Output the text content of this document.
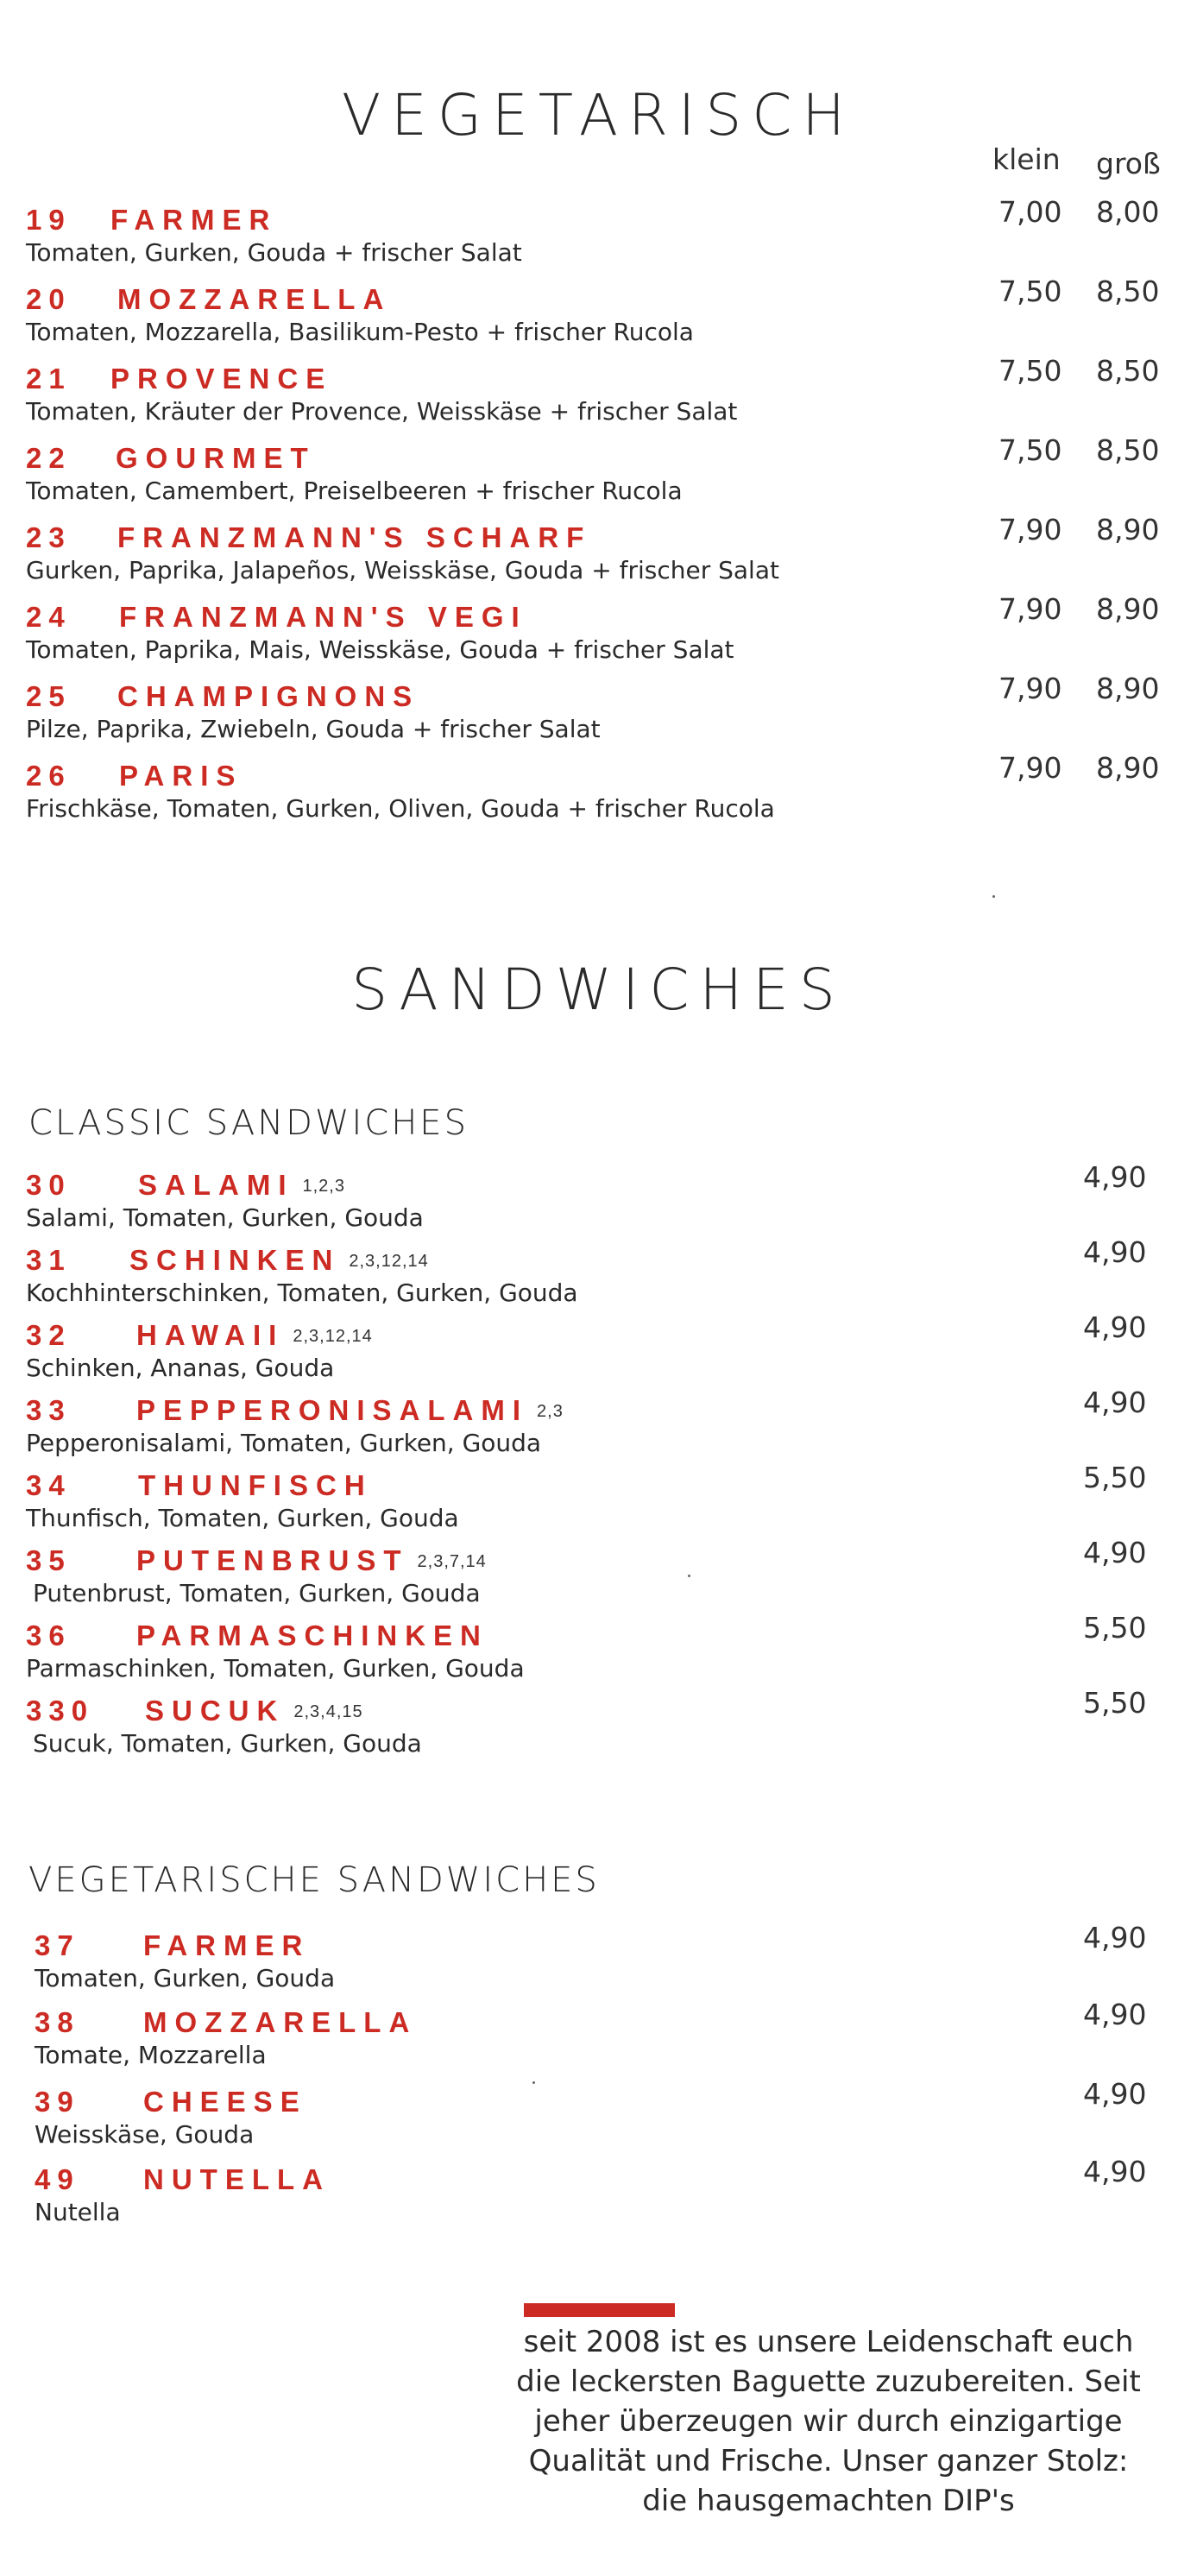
VEGETARISCH
klein groß
19 FARMER
Tomaten, Gurken, Gouda + frischer Salat
7,00 8,00
20 MOZZARELLA
Tomaten, Mozzarella, Basilikum-Pesto + frischer Rucola
7,50 8,50
21 PROVENCE
Tomaten, Kräuter der Provence, Weisskäse + frischer Salat
7,50 8,50
22 GOURMET
Tomaten, Camembert, Preiselbeeren + frischer Rucola
7,50 8,50
23 FRANZMANN'S SCHARF
Gurken, Paprika, Jalapeños, Weisskäse, Gouda + frischer Salat
7,90 8,90
24 FRANZMANN'S VEGI
Tomaten, Paprika, Mais, Weisskäse, Gouda + frischer Salat
7,90 8,90
25 CHAMPIGNONS
Pilze, Paprika, Zwiebeln, Gouda + frischer Salat
7,90 8,90
26 PARIS
Frischkäse, Tomaten, Gurken, Oliven, Gouda + frischer Rucola
7,90 8,90
SANDWICHES
CLASSIC SANDWICHES
30 SALAMI 1,2,3
Salami, Tomaten, Gurken, Gouda
4,90
31 SCHINKEN 2,3,12,14
Kochhinterschinken, Tomaten, Gurken, Gouda
4,90
32 HAWAII 2,3,12,14
Schinken, Ananas, Gouda
4,90
33 PEPPERONISALAMI 2,3
Pepperonisalami, Tomaten, Gurken, Gouda
4,90
34 THUNFISCH
Thunfisch, Tomaten, Gurken, Gouda
5,50
35 PUTENBRUST 2,3,7,14
Putenbrust, Tomaten, Gurken, Gouda
4,90
36 PARMASCHINKEN
Parmaschinken, Tomaten, Gurken, Gouda
5,50
330 SUCUK 2,3,4,15
Sucuk, Tomaten, Gurken, Gouda
5,50
VEGETARISCHE SANDWICHES
37 FARMER
Tomaten, Gurken, Gouda
4,90
38 MOZZARELLA
Tomate, Mozzarella
4,90
39 CHEESE
Weisskäse, Gouda
4,90
49 NUTELLA
Nutella
4,90
seit 2008 ist es unsere Leidenschaft euch
die leckersten Baguette zuzubereiten. Seit
jeher überzeugen wir durch einzigartige
Qualität und Frische. Unser ganzer Stolz:
die hausgemachten DIP's
